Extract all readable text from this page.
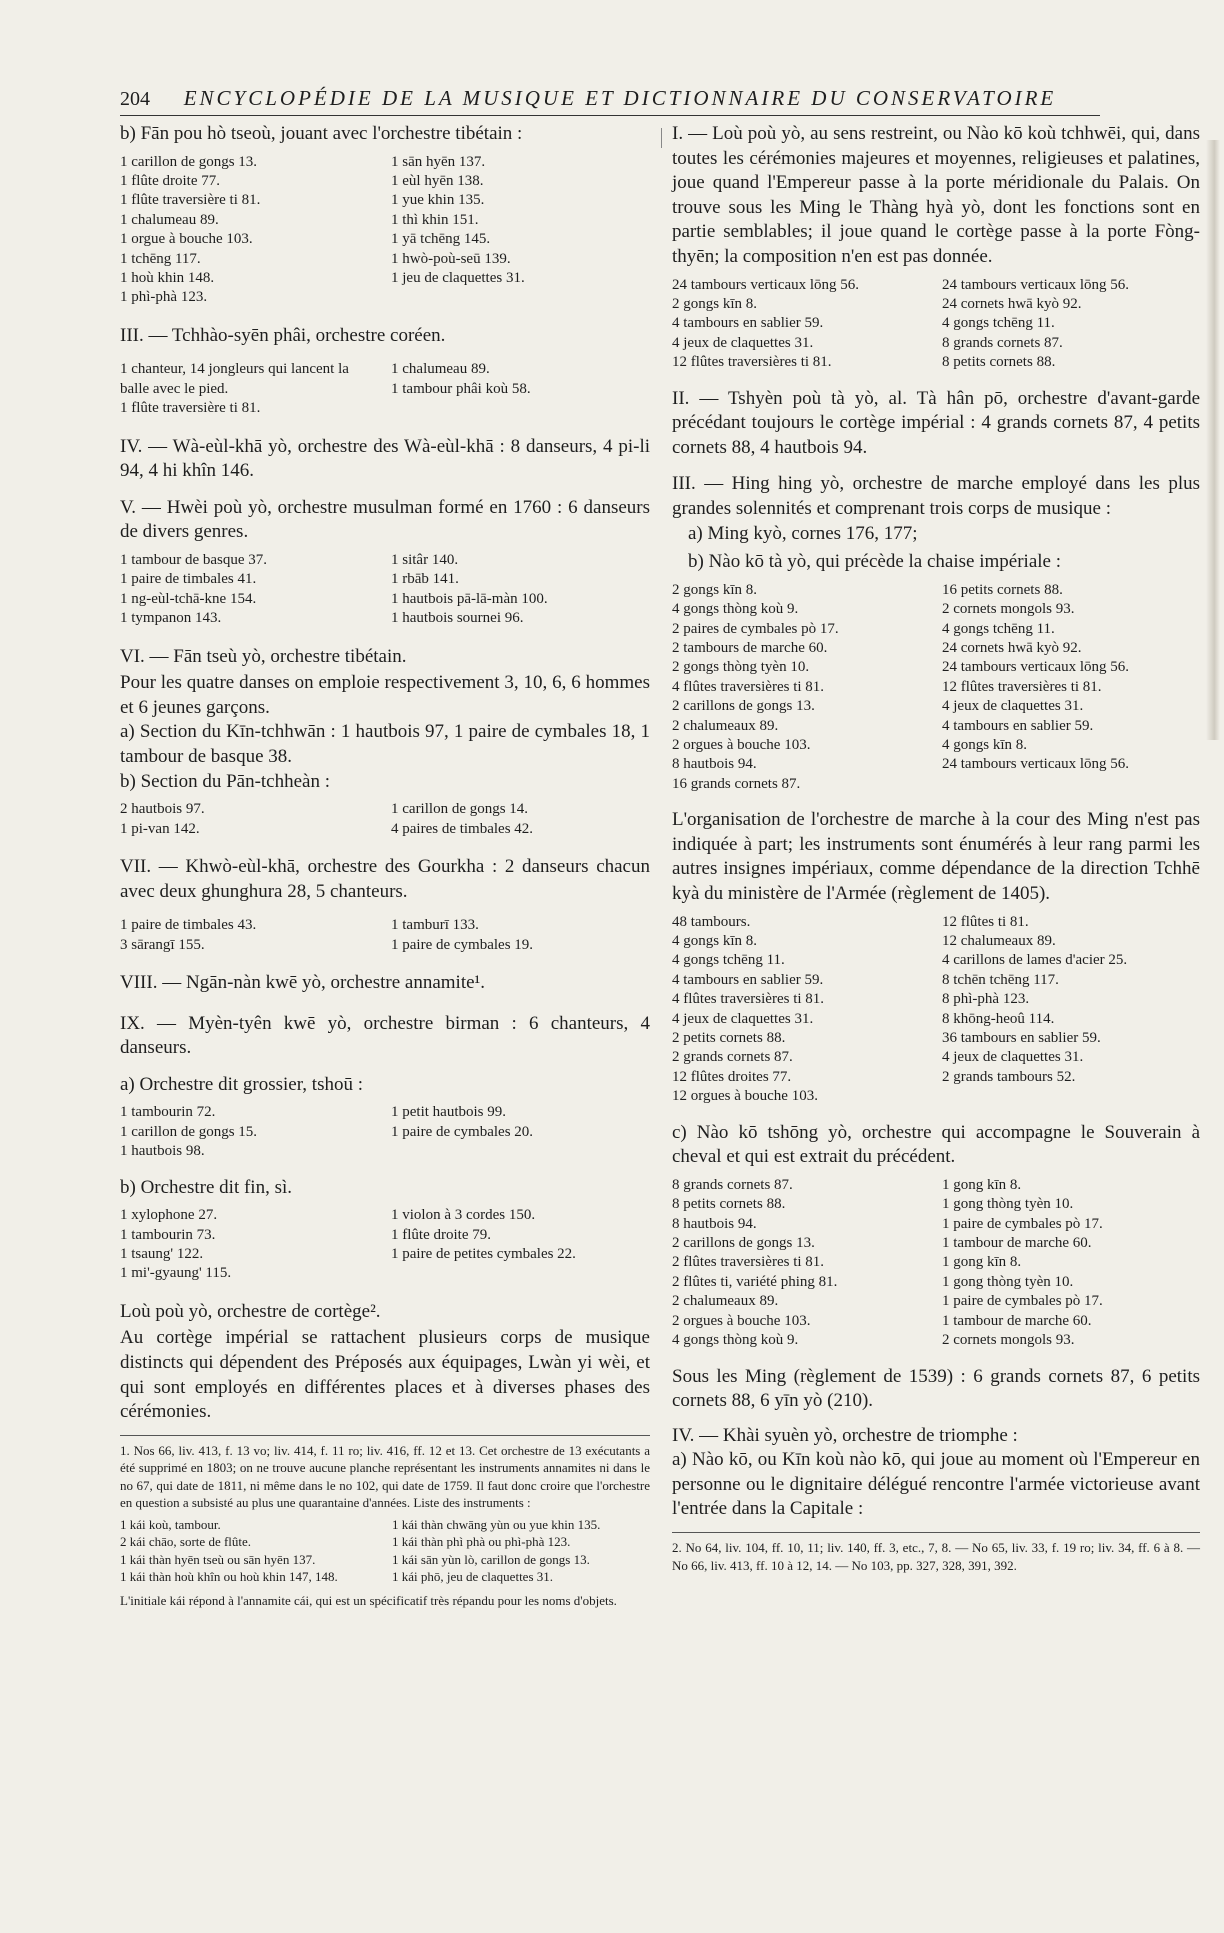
204	ENCYCLOPÉDIE DE LA MUSIQUE ET DICTIONNAIRE DU CONSERVATOIRE

b) Fān pou hò tseoù, jouant avec l'orchestre tibétain :

1 carillon de gongs 13.
1 flûte droite 77.
1 flûte traversière ti 81.
1 chalumeau 89.
1 orgue à bouche 103.
1 tchēng 117.
1 hoù khin 148.
1 phì-phà 123.
1 sān hyēn 137.
1 eùl hyēn 138.
1 yue khin 135.
1 thì khin 151.
1 yā tchēng 145.
1 hwò-poù-seū 139.
1 jeu de claquettes 31.

III. — Tchhào-syēn phâi, orchestre coréen.

1 chanteur, 14 jongleurs qui lancent la balle avec le pied.
1 flûte traversière ti 81.
1 chalumeau 89.
1 tambour phâi koù 58.

IV. — Wà-eùl-khā yò, orchestre des Wà-eùl-khā : 8 danseurs, 4 pi-li 94, 4 hi khîn 146.

V. — Hwèi poù yò, orchestre musulman formé en 1760 : 6 danseurs de divers genres.

1 tambour de basque 37.
1 paire de timbales 41.
1 ng-eùl-tchā-kne 154.
1 tympanon 143.
1 sitâr 140.
1 rbāb 141.
1 hautbois pā-lā-màn 100.
1 hautbois sournei 96.

VI. — Fān tseù yò, orchestre tibétain.

Pour les quatre danses on emploie respectivement 3, 10, 6, 6 hommes et 6 jeunes garçons.

a) Section du Kīn-tchhwān : 1 hautbois 97, 1 paire de cymbales 18, 1 tambour de basque 38.

b) Section du Pān-tchheàn :

2 hautbois 97.
1 pi-van 142.
1 carillon de gongs 14.
4 paires de timbales 42.

VII. — Khwò-eùl-khā, orchestre des Gourkha : 2 danseurs chacun avec deux ghunghura 28, 5 chanteurs.

1 paire de timbales 43.
3 sārangī 155.
1 tamburī 133.
1 paire de cymbales 19.

VIII. — Ngān-nàn kwē yò, orchestre annamite¹.

IX. — Myèn-tyên kwē yò, orchestre birman : 6 chanteurs, 4 danseurs.

a) Orchestre dit grossier, tshoū :

1 tambourin 72.
1 carillon de gongs 15.
1 hautbois 98.
1 petit hautbois 99.
1 paire de cymbales 20.

b) Orchestre dit fin, sì.

1 xylophone 27.
1 tambourin 73.
1 tsaung' 122.
1 mi'-gyaung' 115.
1 violon à 3 cordes 150.
1 flûte droite 79.
1 paire de petites cymbales 22.

Loù poù yò, orchestre de cortège².

Au cortège impérial se rattachent plusieurs corps de musique distincts qui dépendent des Préposés aux équipages, Lwàn yi wèi, et qui sont employés en différentes places et à diverses phases des cérémonies.

1. Nos 66, liv. 413, f. 13 vo; liv. 414, f. 11 ro; liv. 416, ff. 12 et 13. Cet orchestre de 13 exécutants a été supprimé en 1803; on ne trouve aucune planche représentant les instruments annamites ni dans le no 67, qui date de 1811, ni même dans le no 102, qui date de 1759. Il faut donc croire que l'orchestre en question a subsisté au plus une quarantaine d'années. Liste des instruments :

1 kái koù, tambour.
2 kái chāo, sorte de flûte.
1 kái thàn hyēn tseù ou sān hyēn 137.
1 kái thàn hoù khîn ou hoù khin 147, 148.
1 kái thàn chwāng yùn ou yue khin 135.
1 kái thàn phì phà ou phì-phà 123.
1 kái sān yùn lò, carillon de gongs 13.
1 kái phō, jeu de claquettes 31.

L'initiale kái répond à l'annamite cái, qui est un spécificatif très répandu pour les noms d'objets.

I. — Loù poù yò, au sens restreint, ou Nào kō koù tchhwēi, qui, dans toutes les cérémonies majeures et moyennes, religieuses et palatines, joue quand l'Empereur passe à la porte méridionale du Palais. On trouve sous les Ming le Thàng hyà yò, dont les fonctions sont en partie semblables; il joue quand le cortège passe à la porte Fòng-thyēn; la composition n'en est pas donnée.

24 tambours verticaux lōng 56.
2 gongs kīn 8.
4 tambours en sablier 59.
4 jeux de claquettes 31.
12 flûtes traversières ti 81.
24 tambours verticaux lōng 56.
24 cornets hwā kyò 92.
4 gongs tchēng 11.
8 grands cornets 87.
8 petits cornets 88.

II. — Tshyèn poù tà yò, al. Tà hân pō, orchestre d'avant-garde précédant toujours le cortège impérial : 4 grands cornets 87, 4 petits cornets 88, 4 hautbois 94.

III. — Hing hing yò, orchestre de marche employé dans les plus grandes solennités et comprenant trois corps de musique :

a) Ming kyò, cornes 176, 177;

b) Nào kō tà yò, qui précède la chaise impériale :

2 gongs kīn 8.
4 gongs thòng koù 9.
2 paires de cymbales pò 17.
2 tambours de marche 60.
2 gongs thòng tyèn 10.
4 flûtes traversières ti 81.
2 carillons de gongs 13.
2 chalumeaux 89.
2 orgues à bouche 103.
8 hautbois 94.
16 grands cornets 87.
16 petits cornets 88.
2 cornets mongols 93.
4 gongs tchēng 11.
24 cornets hwā kyò 92.
24 tambours verticaux lōng 56.
12 flûtes traversières ti 81.
4 jeux de claquettes 31.
4 tambours en sablier 59.
4 gongs kīn 8.
24 tambours verticaux lōng 56.

L'organisation de l'orchestre de marche à la cour des Ming n'est pas indiquée à part; les instruments sont énumérés à leur rang parmi les autres insignes impériaux, comme dépendance de la direction Tchhē kyà du ministère de l'Armée (règlement de 1405).

48 tambours.
4 gongs kīn 8.
4 gongs tchēng 11.
4 tambours en sablier 59.
4 flûtes traversières ti 81.
4 jeux de claquettes 31.
2 petits cornets 88.
2 grands cornets 87.
12 flûtes droites 77.
12 orgues à bouche 103.
12 flûtes ti 81.
12 chalumeaux 89.
4 carillons de lames d'acier 25.
8 tchēn tchēng 117.
8 phì-phà 123.
8 khōng-heoû 114.
36 tambours en sablier 59.
4 jeux de claquettes 31.
2 grands tambours 52.

c) Nào kō tshōng yò, orchestre qui accompagne le Souverain à cheval et qui est extrait du précédent.

8 grands cornets 87.
8 petits cornets 88.
8 hautbois 94.
2 carillons de gongs 13.
2 flûtes traversières ti 81.
2 flûtes ti, variété phing 81.
2 chalumeaux 89.
2 orgues à bouche 103.
4 gongs thòng koù 9.
1 gong kīn 8.
1 gong thòng tyèn 10.
1 paire de cymbales pò 17.
1 tambour de marche 60.
1 gong kīn 8.
1 gong thòng tyèn 10.
1 paire de cymbales pò 17.
1 tambour de marche 60.
2 cornets mongols 93.

Sous les Ming (règlement de 1539) : 6 grands cornets 87, 6 petits cornets 88, 6 yīn yò (210).

IV. — Khài syuèn yò, orchestre de triomphe :

a) Nào kō, ou Kīn koù nào kō, qui joue au moment où l'Empereur en personne ou le dignitaire délégué rencontre l'armée victorieuse avant l'entrée dans la Capitale :

2. No 64, liv. 104, ff. 10, 11; liv. 140, ff. 3, etc., 7, 8. — No 65, liv. 33, f. 19 ro; liv. 34, ff. 6 à 8. — No 66, liv. 413, ff. 10 à 12, 14. — No 103, pp. 327, 328, 391, 392.
